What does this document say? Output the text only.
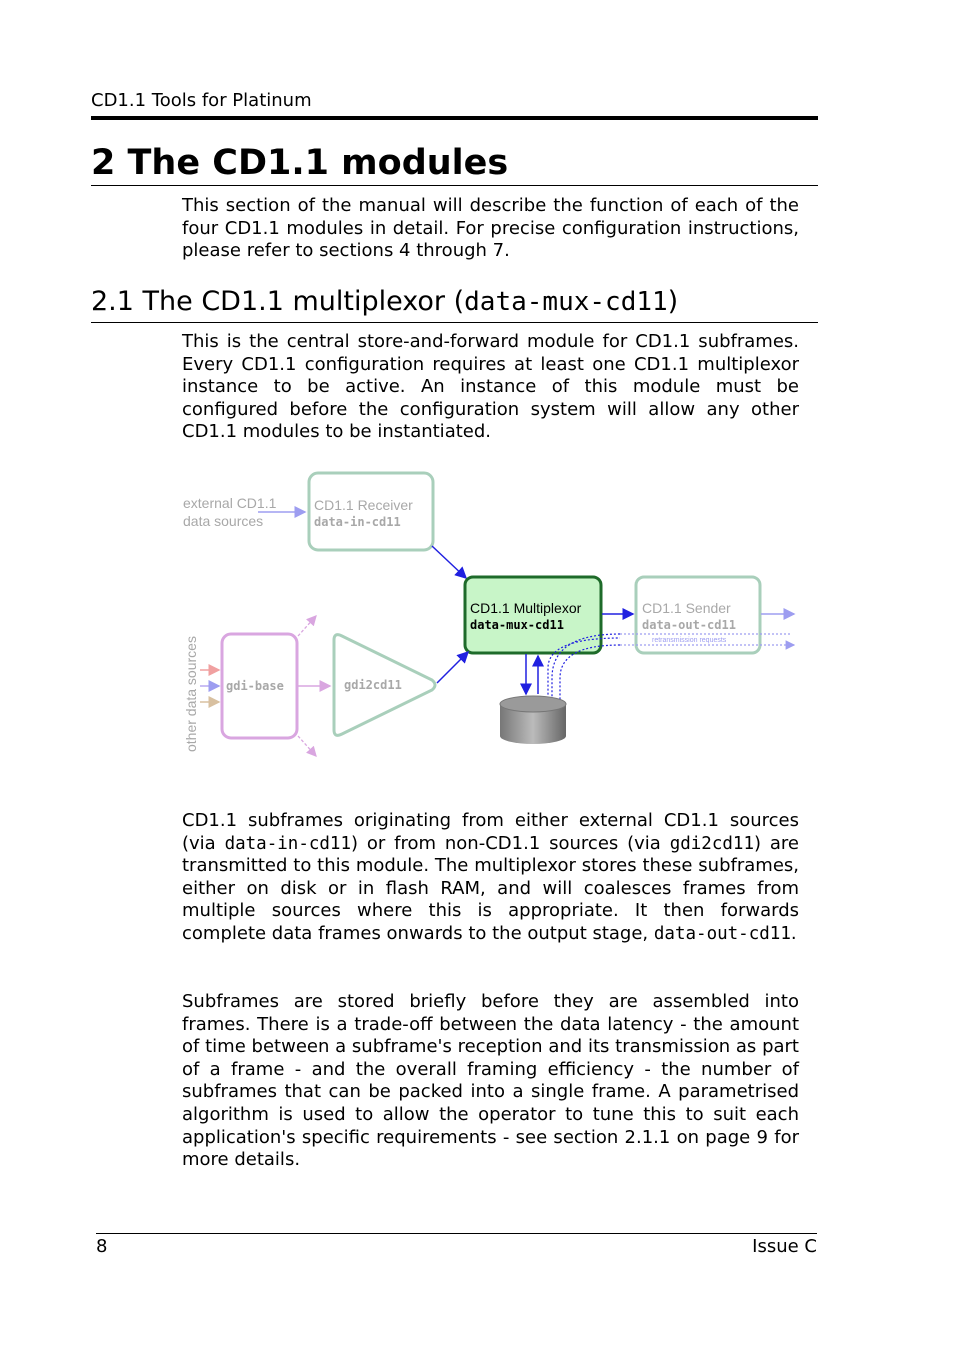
CD1.1 Tools for Platinum
2 The CD1.1 modules

This section of the manual will describe the function of each of the four CD1.1 modules in detail. For precise configuration instructions, please refer to sections 4 through 7.

2.1 The CD1.1 multiplexor (data-mux-cd11)

This is the central store-and-forward module for CD1.1 subframes. Every CD1.1 configuration requires at least one CD1.1 multiplexor instance to be active. An instance of this module must be configured before the configuration system will allow any other CD1.1 modules to be instantiated.

external CD1.1
data sources
CD1.1 Receiver
data-in-cd11
CD1.1 Multiplexor
data-mux-cd11
CD1.1 Sender
data-out-cd11
retransmission requests
other data sources gdi-base	gdi2cd11

CD1.1 subframes originating from either external CD1.1 sources (via data-in-cd11) or from non-CD1.1 sources (via gdi2cd11) are transmitted to this module. The multiplexor stores these subframes, either on disk or in flash RAM, and will coalesces frames from multiple sources where this is appropriate. It then forwards complete data frames onwards to the output stage, data-out-cd11.

Subframes are stored briefly before they are assembled into frames. There is a trade-off between the data latency - the amount of time between a subframe's reception and its transmission as part of a frame - and the overall framing efficiency - the number of subframes that can be packed into a single frame. A parametrised algorithm is used to allow the operator to tune this to suit each application's specific requirements - see section 2.1.1 on page 9 for more details.

8	Issue C
